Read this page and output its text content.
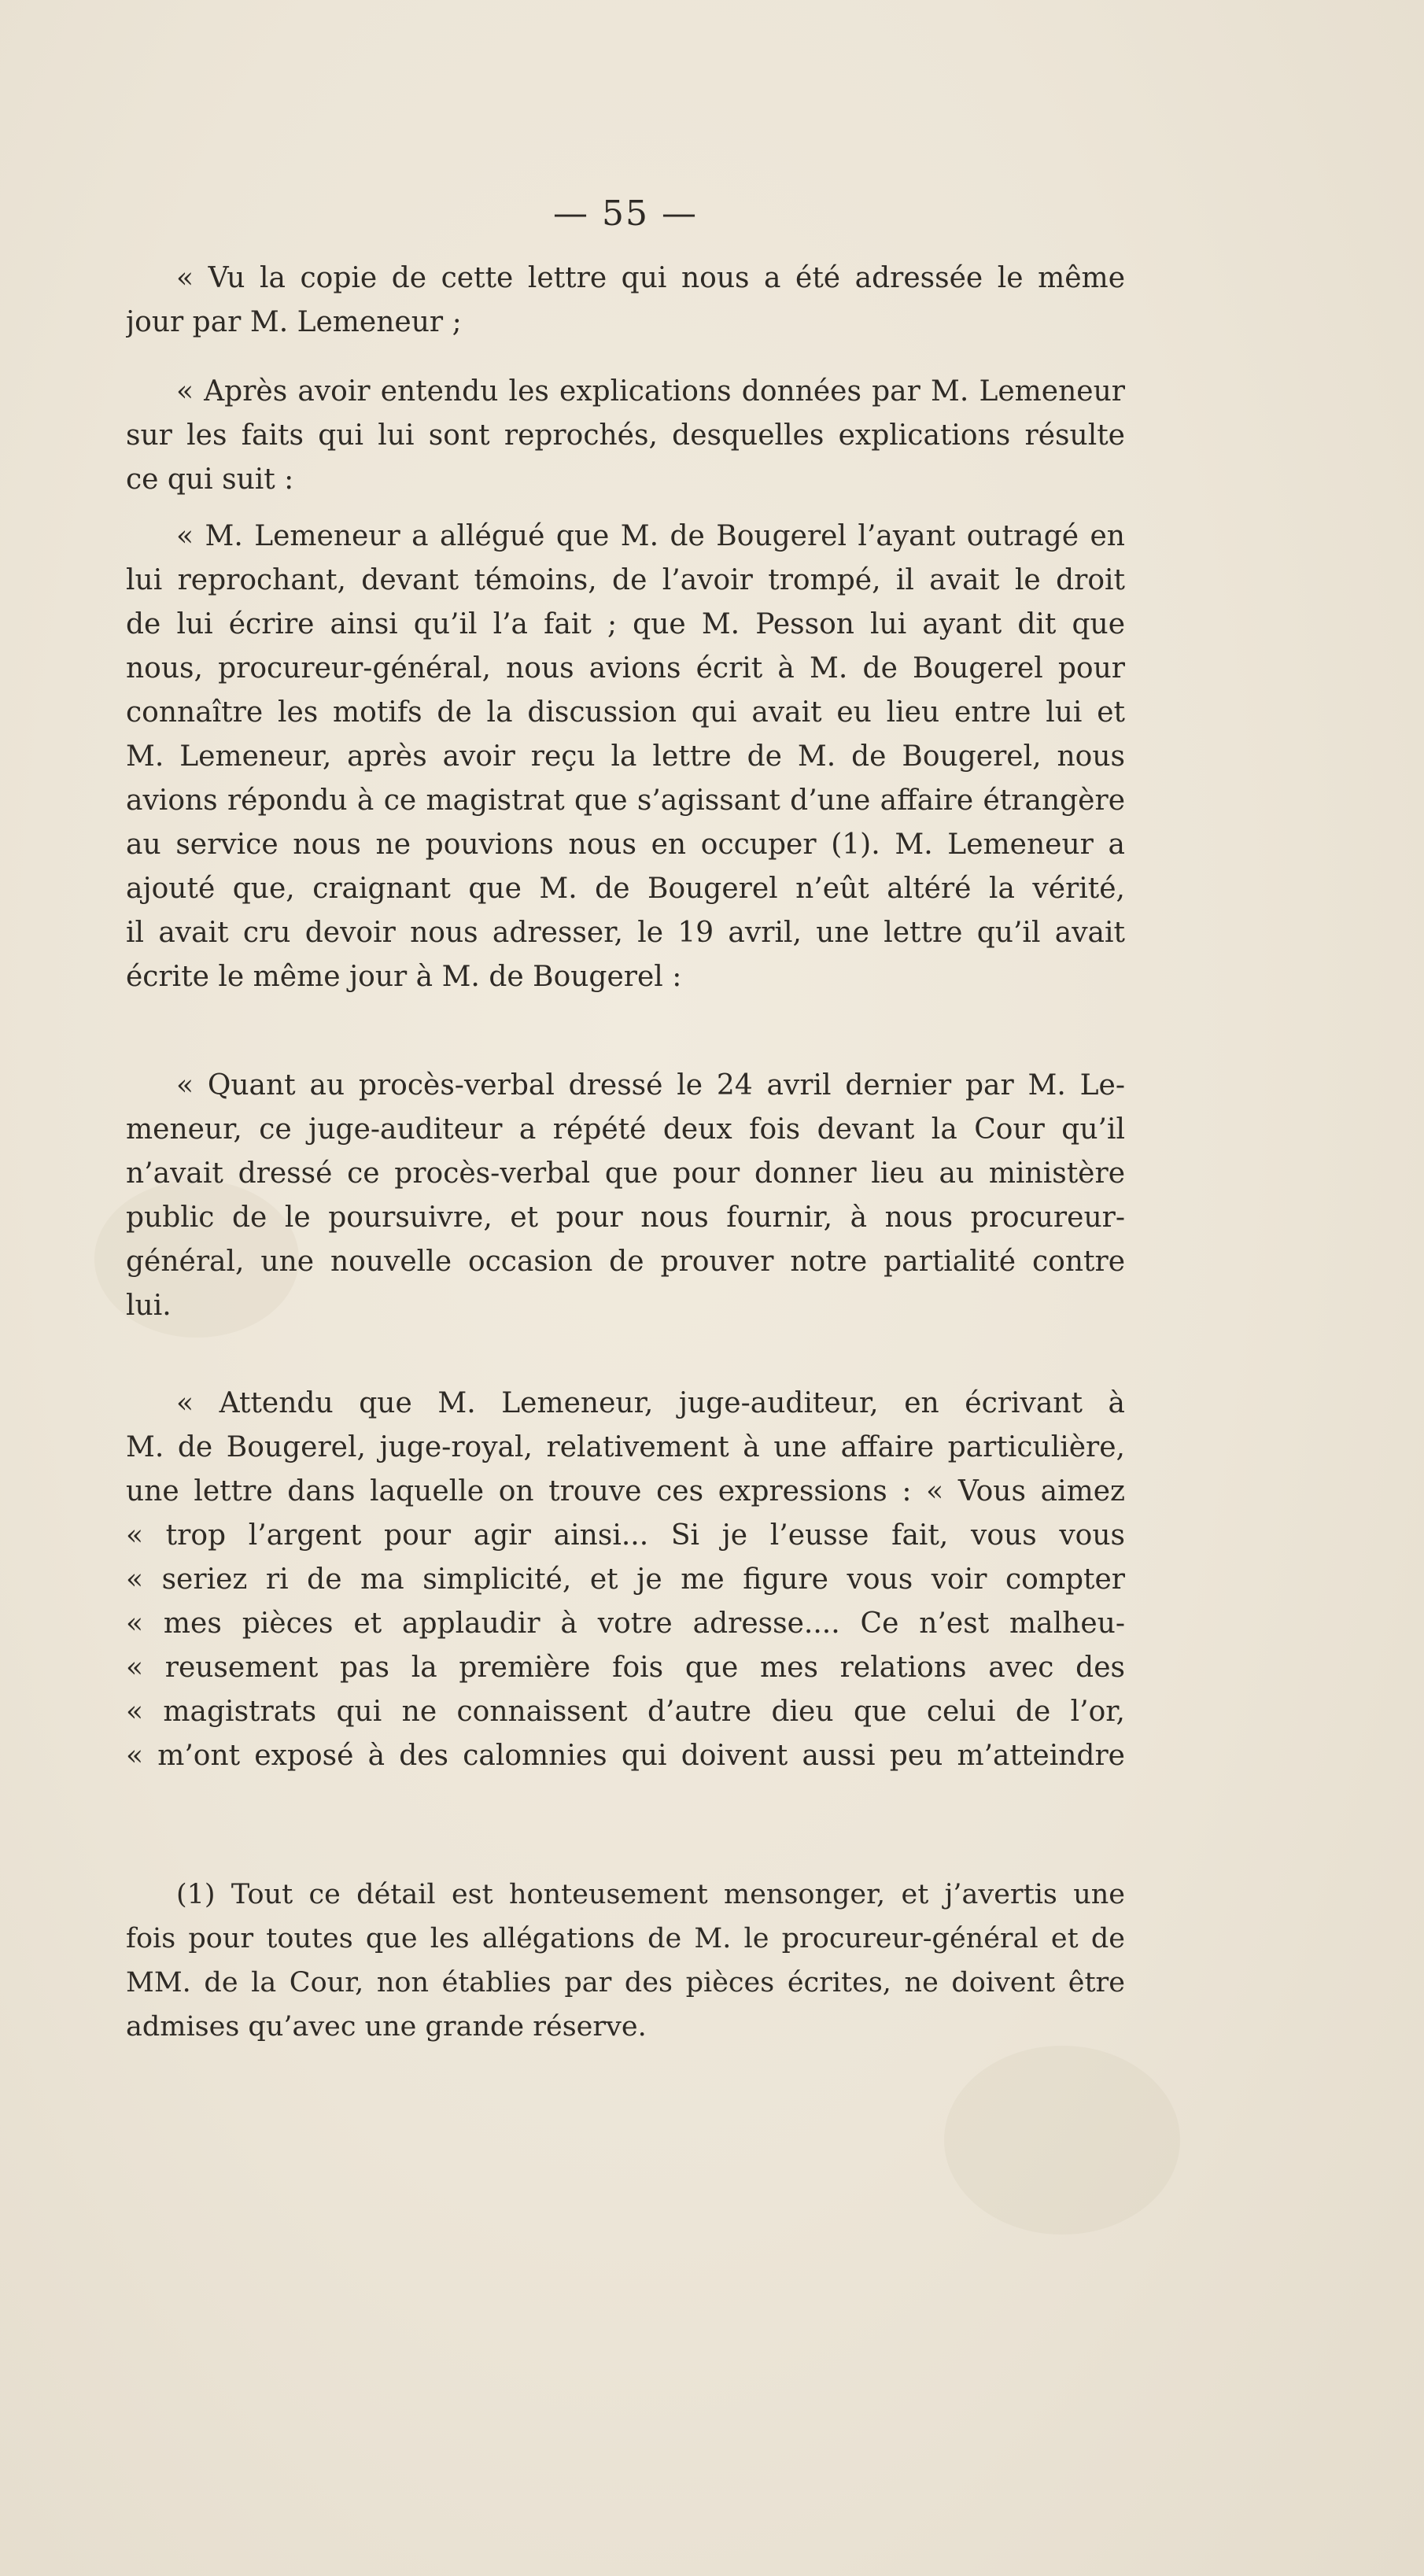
— 55 —
« Vu la copie de cette lettre qui nous a été adressée le même
jour par M. Lemeneur ;
« Après avoir entendu les explications données par M. Lemeneur
sur les faits qui lui sont reprochés, desquelles explications résulte
ce qui suit :
« M. Lemeneur a allégué que M. de Bougerel l’ayant outragé en
lui reprochant, devant témoins, de l’avoir trompé, il avait le droit
de lui écrire ainsi qu’il l’a fait ; que M. Pesson lui ayant dit que
nous, procureur-général, nous avions écrit à M. de Bougerel pour
connaître les motifs de la discussion qui avait eu lieu entre lui et
M. Lemeneur, après avoir reçu la lettre de M. de Bougerel, nous
avions répondu à ce magistrat que s’agissant d’une affaire étrangère
au service nous ne pouvions nous en occuper (1). M. Lemeneur a
ajouté que, craignant que M. de Bougerel n’eût altéré la vérité,
il avait cru devoir nous adresser, le 19 avril, une lettre qu’il avait
écrite le même jour à M. de Bougerel :
« Quant au procès-verbal dressé le 24 avril dernier par M. Le-
meneur, ce juge-auditeur a répété deux fois devant la Cour qu’il
n’avait dressé ce procès-verbal que pour donner lieu au ministère
public de le poursuivre, et pour nous fournir, à nous procureur-
général, une nouvelle occasion de prouver notre partialité contre
lui.
« Attendu que M. Lemeneur, juge-auditeur, en écrivant à
M. de Bougerel, juge-royal, relativement à une affaire particulière,
une lettre dans laquelle on trouve ces expressions : « Vous aimez
« trop l’argent pour agir ainsi... Si je l’eusse fait, vous vous
« seriez ri de ma simplicité, et je me figure vous voir compter
« mes pièces et applaudir à votre adresse.... Ce n’est malheu-
« reusement pas la première fois que mes relations avec des
« magistrats qui ne connaissent d’autre dieu que celui de l’or,
« m’ont exposé à des calomnies qui doivent aussi peu m’atteindre
(1) Tout ce détail est honteusement mensonger, et j’avertis une
fois pour toutes que les allégations de M. le procureur-général et de
MM. de la Cour, non établies par des pièces écrites, ne doivent être
admises qu’avec une grande réserve.
